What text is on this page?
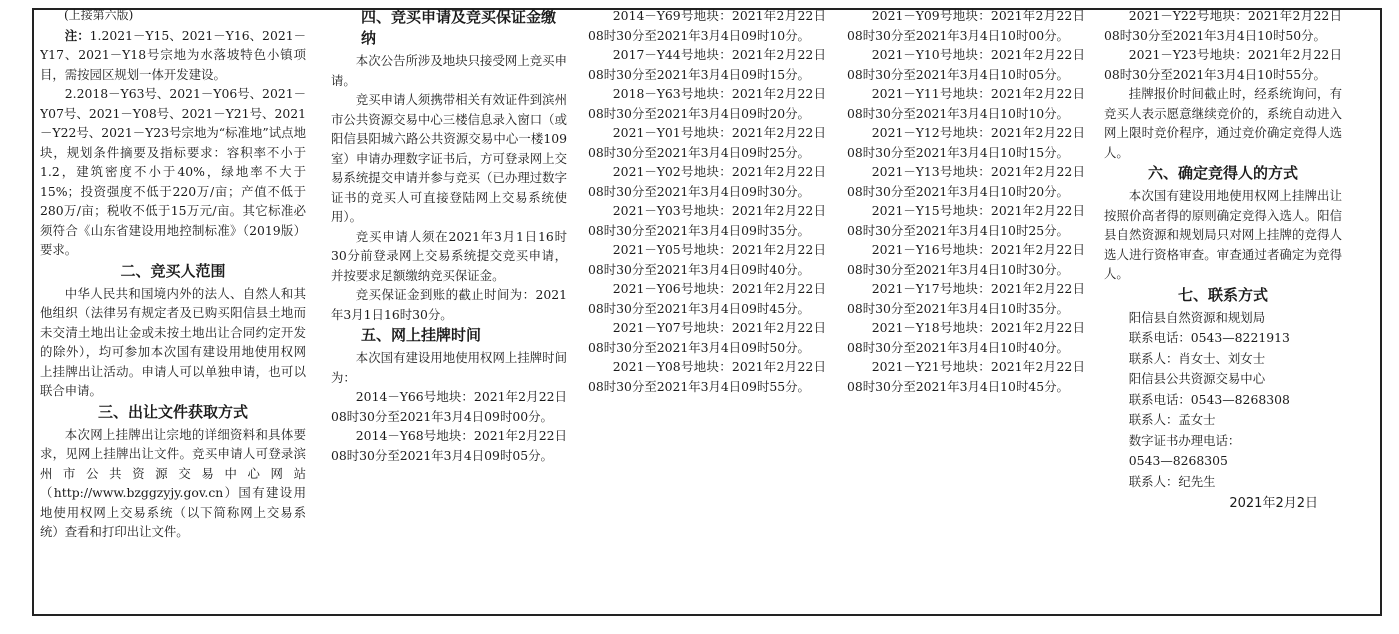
(上接第六版)

注：1.2021－Y15、2021－Y16、2021－Y17、2021－Y18号宗地为水落坡特色小镇项目，需按园区规划一体开发建设。

2.2018－Y63号、2021－Y06号、2021－Y07号、2021－Y08号、2021－Y21号、2021－Y22号、2021－Y23号宗地为“标准地”试点地块，规划条件摘要及指标要求：容积率不小于1.2，建筑密度不小于40%，绿地率不大于15%；投资强度不低于220万/亩；产值不低于280万/亩；税收不低于15万元/亩。其它标准必须符合《山东省建设用地控制标准》（2019版）要求。

二、竞买人范围

中华人民共和国境内外的法人、自然人和其他组织（法律另有规定者及已购买阳信县土地而未交清土地出让金或未按土地出让合同约定开发的除外），均可参加本次国有建设用地使用权网上挂牌出让活动。申请人可以单独申请，也可以联合申请。

三、出让文件获取方式

本次网上挂牌出让宗地的详细资料和具体要求，见网上挂牌出让文件。竞买申请人可登录滨州市公共资源交易中心网站（http://www.bzggzyjy.gov.cn）国有建设用地使用权网上交易系统（以下简称网上交易系统）查看和打印出让文件。

四、竞买申请及竞买保证金缴纳

本次公告所涉及地块只接受网上竞买申请。

竞买申请人须携带相关有效证件到滨州市公共资源交易中心三楼信息录入窗口（或阳信县阳城六路公共资源交易中心一楼109室）申请办理数字证书后，方可登录网上交易系统提交申请并参与竞买（已办理过数字证书的竞买人可直接登陆网上交易系统使用）。

竞买申请人须在2021年3月1日16时30分前登录网上交易系统提交竞买申请，并按要求足额缴纳竞买保证金。

竞买保证金到账的截止时间为：2021年3月1日16时30分。

五、网上挂牌时间

本次国有建设用地使用权网上挂牌时间为：

2014－Y66号地块：2021年2月22日08时30分至2021年3月4日09时00分。

2014－Y68号地块：2021年2月22日08时30分至2021年3月4日09时05分。

2014－Y69号地块：2021年2月22日08时30分至2021年3月4日09时10分。

2017－Y44号地块：2021年2月22日08时30分至2021年3月4日09时15分。

2018－Y63号地块：2021年2月22日08时30分至2021年3月4日09时20分。

2021－Y01号地块：2021年2月22日08时30分至2021年3月4日09时25分。

2021－Y02号地块：2021年2月22日08时30分至2021年3月4日09时30分。

2021－Y03号地块：2021年2月22日08时30分至2021年3月4日09时35分。

2021－Y05号地块：2021年2月22日08时30分至2021年3月4日09时40分。

2021－Y06号地块：2021年2月22日08时30分至2021年3月4日09时45分。

2021－Y07号地块：2021年2月22日08时30分至2021年3月4日09时50分。

2021－Y08号地块：2021年2月22日08时30分至2021年3月4日09时55分。

2021－Y09号地块：2021年2月22日08时30分至2021年3月4日10时00分。

2021－Y10号地块：2021年2月22日08时30分至2021年3月4日10时05分。

2021－Y11号地块：2021年2月22日08时30分至2021年3月4日10时10分。

2021－Y12号地块：2021年2月22日08时30分至2021年3月4日10时15分。

2021－Y13号地块：2021年2月22日08时30分至2021年3月4日10时20分。

2021－Y15号地块：2021年2月22日08时30分至2021年3月4日10时25分。

2021－Y16号地块：2021年2月22日08时30分至2021年3月4日10时30分。

2021－Y17号地块：2021年2月22日08时30分至2021年3月4日10时35分。

2021－Y18号地块：2021年2月22日08时30分至2021年3月4日10时40分。

2021－Y21号地块：2021年2月22日08时30分至2021年3月4日10时45分。

2021－Y22号地块：2021年2月22日08时30分至2021年3月4日10时50分。

2021－Y23号地块：2021年2月22日08时30分至2021年3月4日10时55分。

挂牌报价时间截止时，经系统询问，有竞买人表示愿意继续竞价的，系统自动进入网上限时竞价程序，通过竞价确定竞得人选人。

六、确定竞得人的方式

本次国有建设用地使用权网上挂牌出让按照价高者得的原则确定竞得入选人。阳信县自然资源和规划局只对网上挂牌的竞得人选人进行资格审查。审查通过者确定为竞得人。

七、联系方式

阳信县自然资源和规划局

联系电话：0543—8221913

联系人：肖女士、刘女士

阳信县公共资源交易中心

联系电话：0543—8268308

联系人：孟女士

数字证书办理电话：

0543—8268305

联系人：纪先生

2021年2月2日
